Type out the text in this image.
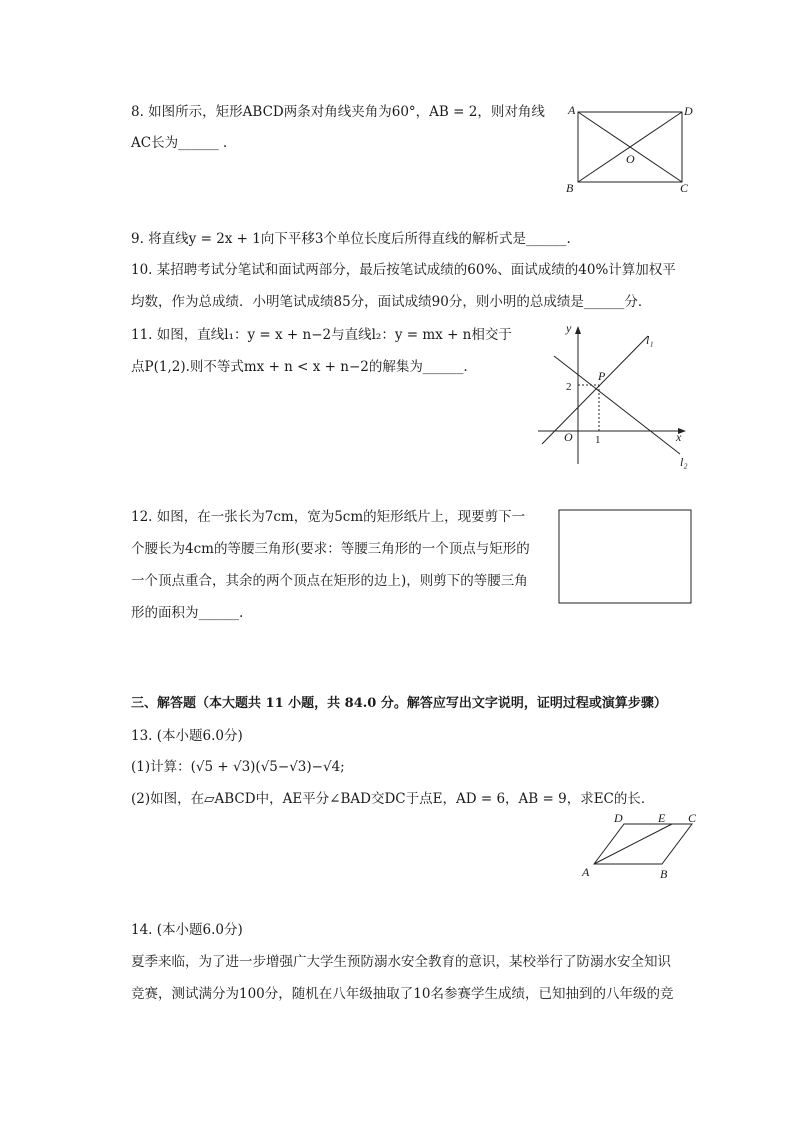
8. 如图所示，矩形ABCD两条对角线夹角为60°，AB = 2，则对角线
AC长为______ .
A	D
B	C
O
9. 将直线y = 2x + 1向下平移3个单位长度后所得直线的解析式是______.
10. 某招聘考试分笔试和面试两部分，最后按笔试成绩的60%、面试成绩的40%计算加权平
均数，作为总成绩．小明笔试成绩85分，面试成绩90分，则小明的总成绩是______分．
11. 如图，直线l₁：y = x + n−2与直线l₂：y = mx + n相交于
点P(1,2).则不等式mx + n < x + n−2的解集为______.
y
x
O
P
2
1
l₁
l₂
12. 如图，在一张长为7cm，宽为5cm的矩形纸片上，现要剪下一
个腰长为4cm的等腰三角形(要求：等腰三角形的一个顶点与矩形的
一个顶点重合，其余的两个顶点在矩形的边上)，则剪下的等腰三角
形的面积为______.
三、解答题（本大题共 11 小题，共 84.0 分。解答应写出文字说明，证明过程或演算步骤）
13. (本小题6.0分)
(1)计算：(√5 + √3)(√5−√3)−√4;
(2)如图，在▱ABCD中，AE平分∠BAD交DC于点E，AD = 6，AB = 9，求EC的长．
D	E C
A	B
14. (本小题6.0分)
夏季来临，为了进一步增强广大学生预防溺水安全教育的意识，某校举行了防溺水安全知识
竞赛，测试满分为100分，随机在八年级抽取了10名参赛学生成绩，已知抽到的八年级的竞
